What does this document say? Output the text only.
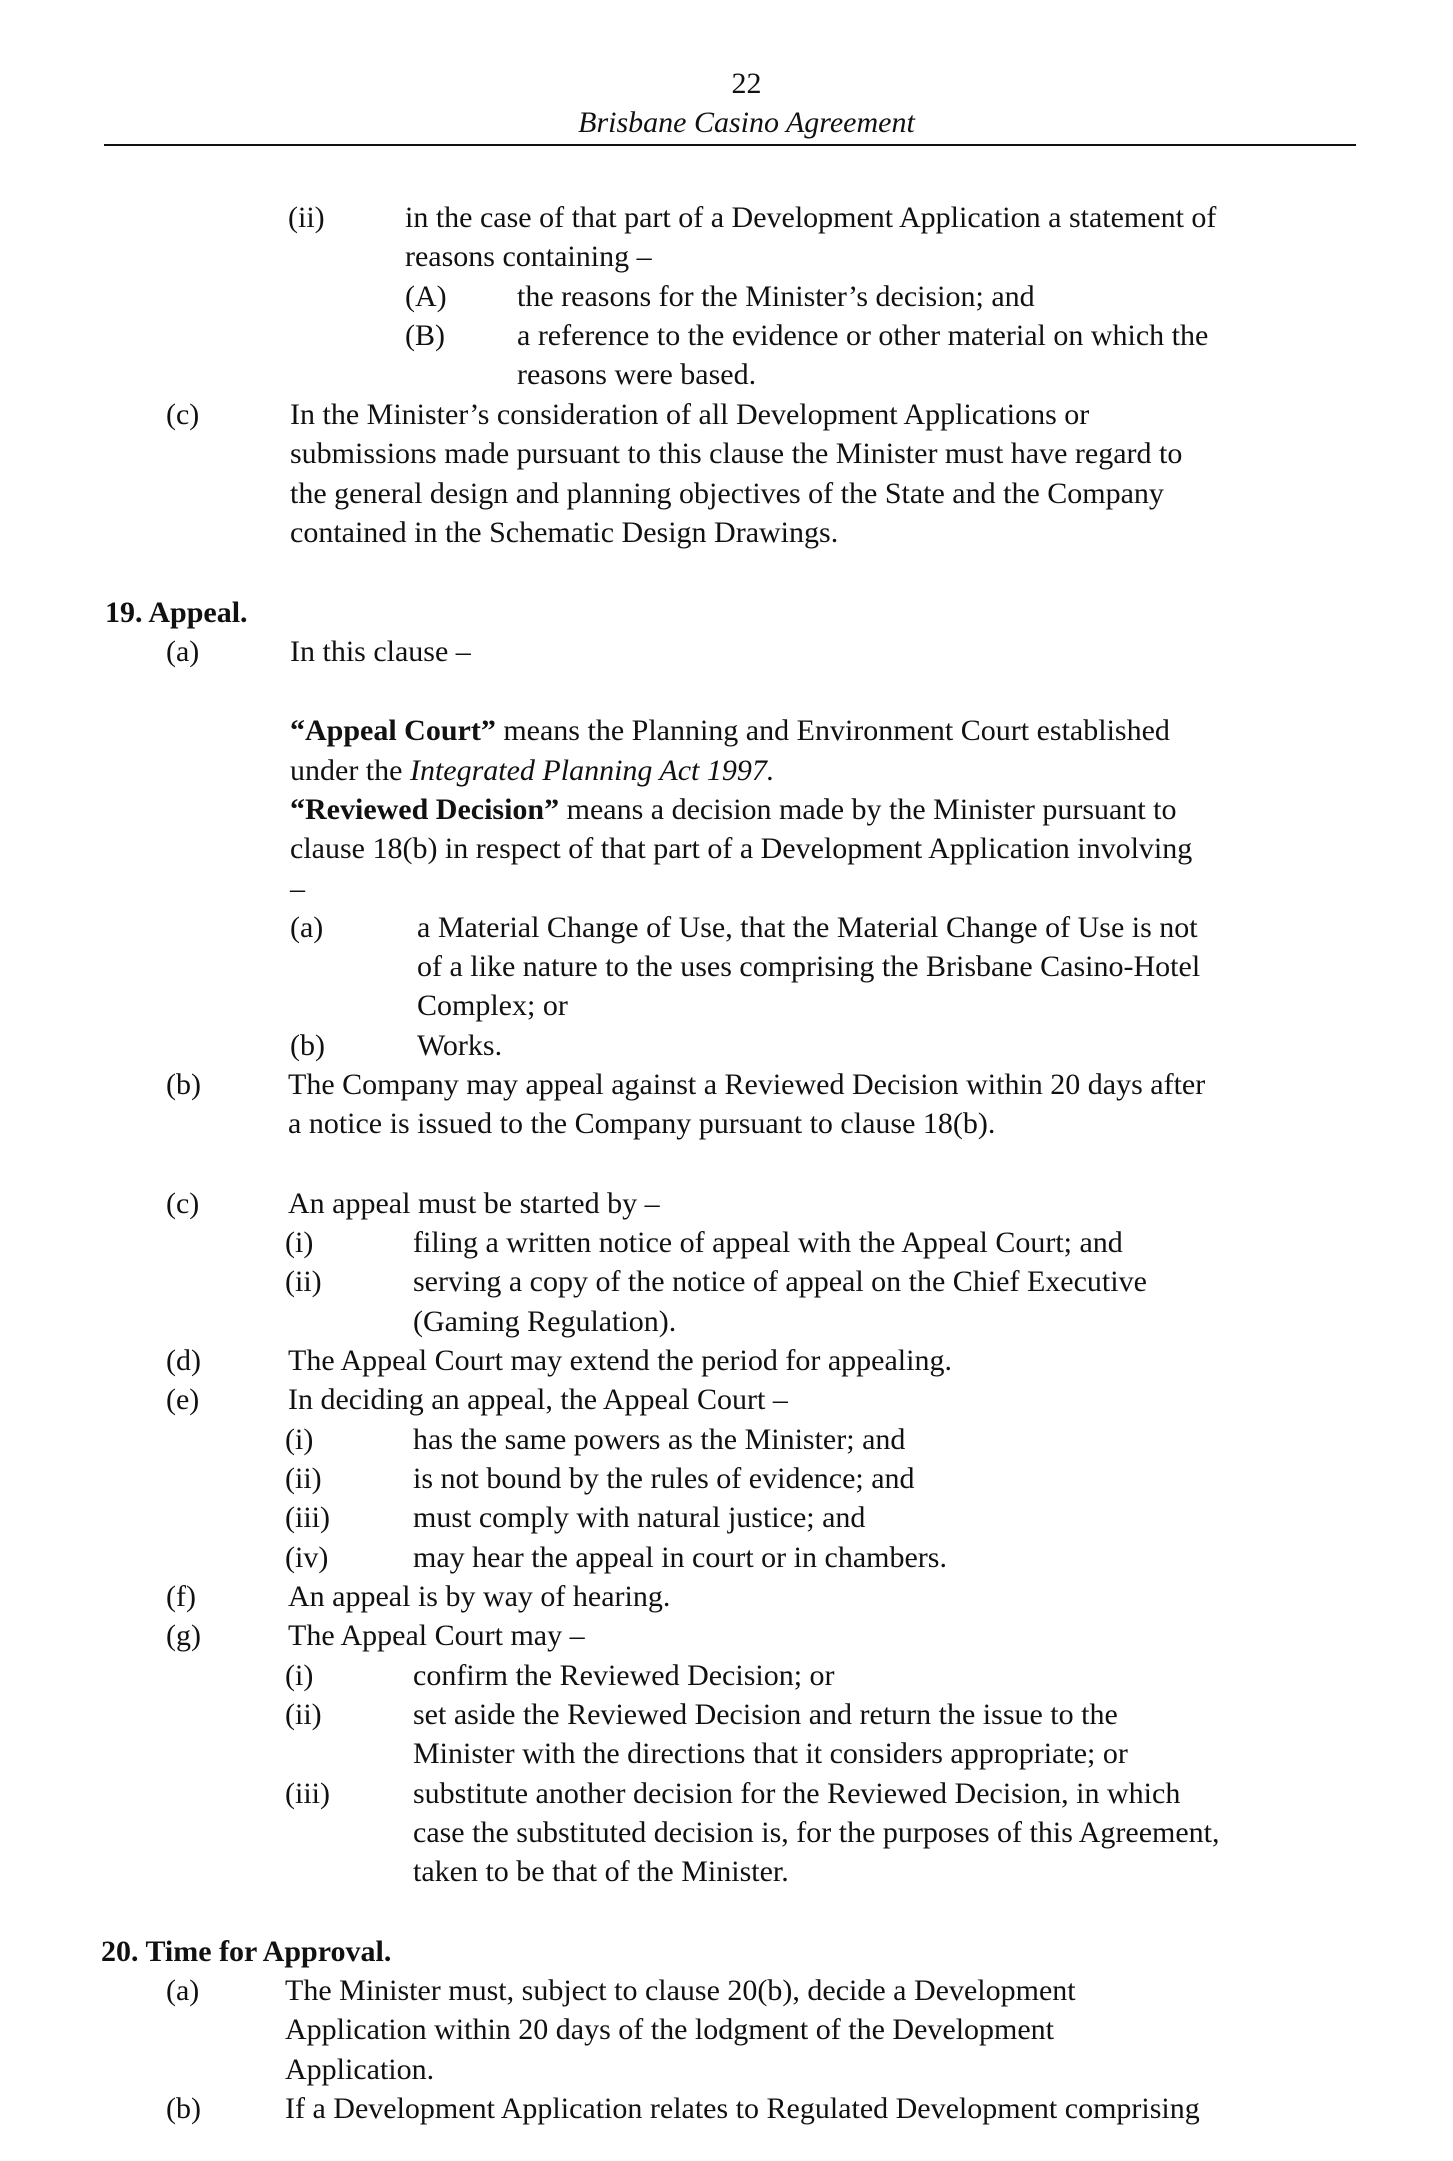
22
Brisbane Casino Agreement
(ii)	in the case of that part of a Development Application a statement of
reasons containing –
(A) the reasons for the Minister’s decision; and
(B) a reference to the evidence or other material on which the
reasons were based.
(c)	In the Minister’s consideration of all Development Applications or
submissions made pursuant to this clause the Minister must have regard to
the general design and planning objectives of the State and the Company
contained in the Schematic Design Drawings.
19. Appeal.
(a)	In this clause –
“Appeal Court” means the Planning and Environment Court established
under the Integrated Planning Act 1997.
“Reviewed Decision” means a decision made by the Minister pursuant to
clause 18(b) in respect of that part of a Development Application involving
–
(a)	a Material Change of Use, that the Material Change of Use is not
of a like nature to the uses comprising the Brisbane Casino-Hotel
Complex; or
(b)	Works.
(b)	The Company may appeal against a Reviewed Decision within 20 days after
a notice is issued to the Company pursuant to clause 18(b).
(c)	An appeal must be started by –
(i)	filing a written notice of appeal with the Appeal Court; and
(ii)	serving a copy of the notice of appeal on the Chief Executive
(Gaming Regulation).
(d)	The Appeal Court may extend the period for appealing.
(e)	In deciding an appeal, the Appeal Court –
(i)	has the same powers as the Minister; and
(ii)	is not bound by the rules of evidence; and
(iii)	must comply with natural justice; and
(iv)	may hear the appeal in court or in chambers.
(f)	An appeal is by way of hearing.
(g)	The Appeal Court may –
(i)	confirm the Reviewed Decision; or
(ii)	set aside the Reviewed Decision and return the issue to the
Minister with the directions that it considers appropriate; or
(iii)	substitute another decision for the Reviewed Decision, in which
case the substituted decision is, for the purposes of this Agreement,
taken to be that of the Minister.
20. Time for Approval.
(a)	The Minister must, subject to clause 20(b), decide a Development
Application within 20 days of the lodgment of the Development
Application.
(b)	If a Development Application relates to Regulated Development comprising
